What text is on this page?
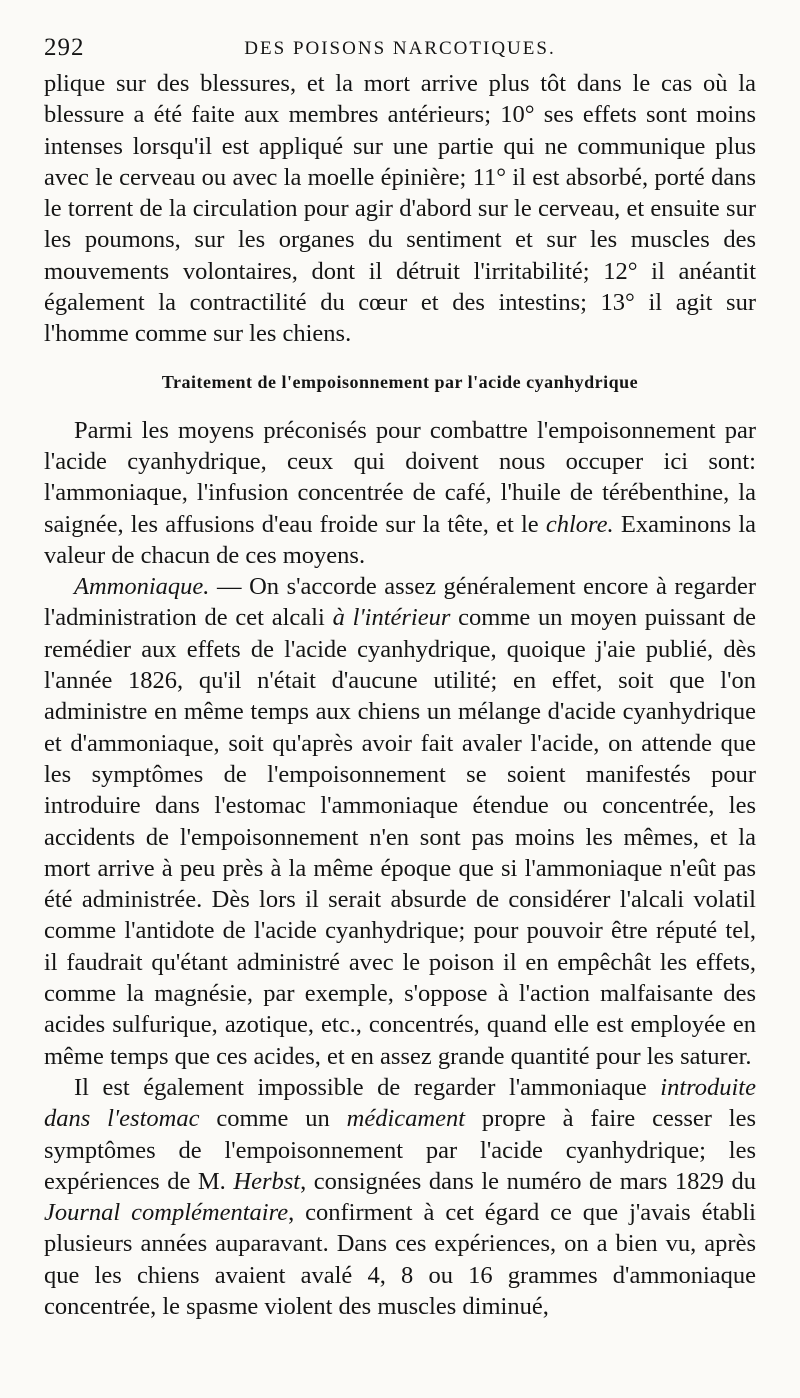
292	DES POISONS NARCOTIQUES.

plique sur des blessures, et la mort arrive plus tôt dans le cas où la blessure a été faite aux membres antérieurs; 10° ses effets sont moins intenses lorsqu'il est appliqué sur une partie qui ne communique plus avec le cerveau ou avec la moelle épinière; 11° il est absorbé, porté dans le torrent de la circulation pour agir d'abord sur le cerveau, et ensuite sur les poumons, sur les organes du sentiment et sur les muscles des mouvements volontaires, dont il détruit l'irritabilité; 12° il anéantit également la contractilité du cœur et des intestins; 13° il agit sur l'homme comme sur les chiens.

Traitement de l'empoisonnement par l'acide cyanhydrique

Parmi les moyens préconisés pour combattre l'empoisonnement par l'acide cyanhydrique, ceux qui doivent nous occuper ici sont: l'ammoniaque, l'infusion concentrée de café, l'huile de térébenthine, la saignée, les affusions d'eau froide sur la tête, et le chlore. Examinons la valeur de chacun de ces moyens.

Ammoniaque. — On s'accorde assez généralement encore à regarder l'administration de cet alcali à l'intérieur comme un moyen puissant de remédier aux effets de l'acide cyanhydrique, quoique j'aie publié, dès l'année 1826, qu'il n'était d'aucune utilité; en effet, soit que l'on administre en même temps aux chiens un mélange d'acide cyanhydrique et d'ammoniaque, soit qu'après avoir fait avaler l'acide, on attende que les symptômes de l'empoisonnement se soient manifestés pour introduire dans l'estomac l'ammoniaque étendue ou concentrée, les accidents de l'empoisonnement n'en sont pas moins les mêmes, et la mort arrive à peu près à la même époque que si l'ammoniaque n'eût pas été administrée. Dès lors il serait absurde de considérer l'alcali volatil comme l'antidote de l'acide cyanhydrique; pour pouvoir être réputé tel, il faudrait qu'étant administré avec le poison il en empêchât les effets, comme la magnésie, par exemple, s'oppose à l'action malfaisante des acides sulfurique, azotique, etc., concentrés, quand elle est employée en même temps que ces acides, et en assez grande quantité pour les saturer.

Il est également impossible de regarder l'ammoniaque introduite dans l'estomac comme un médicament propre à faire cesser les symptômes de l'empoisonnement par l'acide cyanhydrique; les expériences de M. Herbst, consignées dans le numéro de mars 1829 du Journal complémentaire, confirment à cet égard ce que j'avais établi plusieurs années auparavant. Dans ces expériences, on a bien vu, après que les chiens avaient avalé 4, 8 ou 16 grammes d'ammoniaque concentrée, le spasme violent des muscles diminué,
